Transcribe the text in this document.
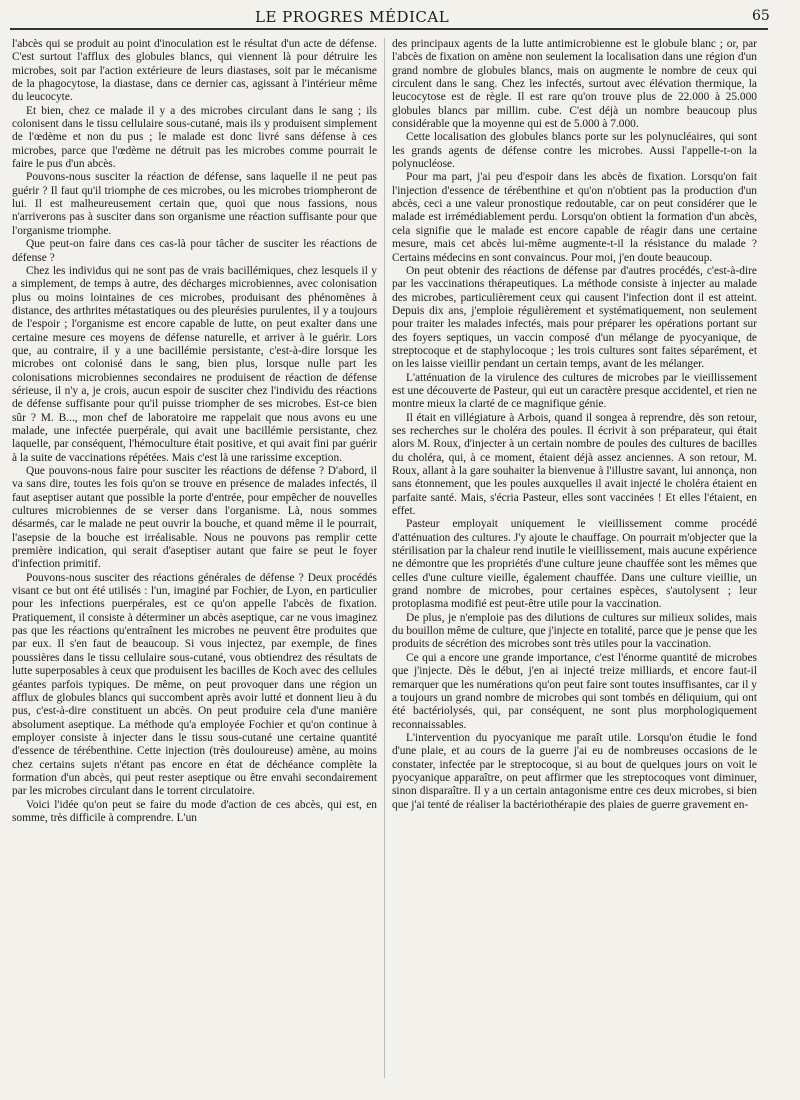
LE PROGRES MÉDICAL	65

l'abcès qui se produit au point d'inoculation est le résultat d'un acte de défense. C'est surtout l'afflux des globules blancs, qui viennent là pour détruire les microbes, soit par l'action extérieure de leurs diastases, soit par le mécanisme de la phagocytose, la diastase, dans ce dernier cas, agissant à l'intérieur même du leucocyte.

Et bien, chez ce malade il y a des microbes circulant dans le sang ; ils colonisent dans le tissu cellulaire sous-cutané, mais ils y produisent simplement de l'œdème et non du pus ; le malade est donc livré sans défense à ces microbes, parce que l'œdème ne détruit pas les microbes comme pourrait le faire le pus d'un abcès.

Pouvons-nous susciter la réaction de défense, sans laquelle il ne peut pas guérir ? Il faut qu'il triomphe de ces microbes, ou les microbes triompheront de lui. Il est malheureusement certain que, quoi que nous fassions, nous n'arriverons pas à susciter dans son organisme une réaction suffisante pour que l'organisme triomphe.

Que peut-on faire dans ces cas-là pour tâcher de susciter les réactions de défense ?

Chez les individus qui ne sont pas de vrais bacillémiques, chez lesquels il y a simplement, de temps à autre, des décharges microbiennes, avec colonisation plus ou moins lointaines de ces microbes, produisant des phénomènes à distance, des arthrites métastatiques ou des pleurésies purulentes, il y a toujours de l'espoir ; l'organisme est encore capable de lutte, on peut exalter dans une certaine mesure ces moyens de défense naturelle, et arriver à le guérir. Lors que, au contraire, il y a une bacillémie persistante, c'est-à-dire lorsque les microbes ont colonisé dans le sang, bien plus, lorsque nulle part les colonisations microbiennes secondaires ne produisent de réaction de défense sérieuse, il n'y a, je crois, aucun espoir de susciter chez l'individu des réactions de défense suffisante pour qu'il puisse triompher de ses microbes. Est-ce bien sûr ? M. B..., mon chef de laboratoire me rappelait que nous avons eu une malade, une infectée puerpérale, qui avait une bacillémie persistante, chez laquelle, par conséquent, l'hémoculture était positive, et qui avait fini par guérir à la suite de vaccinations répétées. Mais c'est là une rarissime exception.

Que pouvons-nous faire pour susciter les réactions de défense ? D'abord, il va sans dire, toutes les fois qu'on se trouve en présence de malades infectés, il faut aseptiser autant que possible la porte d'entrée, pour empêcher de nouvelles cultures microbiennes de se verser dans l'organisme. Là, nous sommes désarmés, car le malade ne peut ouvrir la bouche, et quand même il le pourrait, l'asepsie de la bouche est irréalisable. Nous ne pouvons pas remplir cette première indication, qui serait d'aseptiser autant que faire se peut le foyer d'infection primitif.

Pouvons-nous susciter des réactions générales de défense ? Deux procédés visant ce but ont été utilisés : l'un, imaginé par Fochier, de Lyon, en particulier pour les infections puerpérales, est ce qu'on appelle l'abcès de fixation. Pratiquement, il consiste à déterminer un abcès aseptique, car ne vous imaginez pas que les réactions qu'entraînent les microbes ne peuvent être produites que par eux. Il s'en faut de beaucoup. Si vous injectez, par exemple, de fines poussières dans le tissu cellulaire sous-cutané, vous obtiendrez des résultats de lutte superposables à ceux que produisent les bacilles de Koch avec des cellules géantes parfois typiques. De même, on peut provoquer dans une région un afflux de globules blancs qui succombent après avoir lutté et donnent lieu à du pus, c'est-à-dire constituent un abcès. On peut produire cela d'une manière absolument aseptique. La méthode qu'a employée Fochier et qu'on continue à employer consiste à injecter dans le tissu sous-cutané une certaine quantité d'essence de térébenthine. Cette injection (très douloureuse) amène, au moins chez certains sujets n'étant pas encore en état de déchéance complète la formation d'un abcès, qui peut rester aseptique ou être envahi secondairement par les microbes circulant dans le torrent circulatoire.

Voici l'idée qu'on peut se faire du mode d'action de ces abcès, qui est, en somme, très difficile à comprendre. L'un

des principaux agents de la lutte antimicrobienne est le globule blanc ; or, par l'abcès de fixation on amène non seulement la localisation dans une région d'un grand nombre de globules blancs, mais on augmente le nombre de ceux qui circulent dans le sang. Chez les infectés, surtout avec élévation thermique, la leucocytose est de règle. Il est rare qu'on trouve plus de 22.000 à 25.000 globules blancs par millim. cube. C'est déjà un nombre beaucoup plus considérable que la moyenne qui est de 5.000 à 7.000.

Cette localisation des globules blancs porte sur les polynucléaires, qui sont les grands agents de défense contre les microbes. Aussi l'appelle-t-on la polynucléose.

Pour ma part, j'ai peu d'espoir dans les abcès de fixation. Lorsqu'on fait l'injection d'essence de térébenthine et qu'on n'obtient pas la production d'un abcès, ceci a une valeur pronostique redoutable, car on peut considérer que le malade est irrémédiablement perdu. Lorsqu'on obtient la formation d'un abcès, cela signifie que le malade est encore capable de réagir dans une certaine mesure, mais cet abcès lui-même augmente-t-il la résistance du malade ? Certains médecins en sont convaincus. Pour moi, j'en doute beaucoup.

On peut obtenir des réactions de défense par d'autres procédés, c'est-à-dire par les vaccinations thérapeutiques. La méthode consiste à injecter au malade des microbes, particulièrement ceux qui causent l'infection dont il est atteint. Depuis dix ans, j'emploie régulièrement et systématiquement, non seulement pour traiter les malades infectés, mais pour préparer les opérations portant sur des foyers septiques, un vaccin composé d'un mélange de pyocyanique, de streptocoque et de staphylocoque ; les trois cultures sont faites séparément, et on les laisse vieillir pendant un certain temps, avant de les mélanger.

L'atténuation de la virulence des cultures de microbes par le vieillissement est une découverte de Pasteur, qui eut un caractère presque accidentel, et rien ne montre mieux la clarté de ce magnifique génie.

Il était en villégiature à Arbois, quand il songea à reprendre, dès son retour, ses recherches sur le choléra des poules. Il écrivit à son préparateur, qui était alors M. Roux, d'injecter à un certain nombre de poules des cultures de bacilles du choléra, qui, à ce moment, étaient déjà assez anciennes. A son retour, M. Roux, allant à la gare souhaiter la bienvenue à l'illustre savant, lui annonça, non sans étonnement, que les poules auxquelles il avait injecté le choléra étaient en parfaite santé. Mais, s'écria Pasteur, elles sont vaccinées ! Et elles l'étaient, en effet.

Pasteur employait uniquement le vieillissement comme procédé d'atténuation des cultures. J'y ajoute le chauffage. On pourrait m'objecter que la stérilisation par la chaleur rend inutile le vieillissement, mais aucune expérience ne démontre que les propriétés d'une culture jeune chauffée sont les mêmes que celles d'une culture vieille, également chauffée. Dans une culture vieillie, un grand nombre de microbes, pour certaines espèces, s'autolysent ; leur protoplasma modifié est peut-être utile pour la vaccination.

De plus, je n'emploie pas des dilutions de cultures sur milieux solides, mais du bouillon même de culture, que j'injecte en totalité, parce que je pense que les produits de sécrétion des microbes sont très utiles pour la vaccination.

Ce qui a encore une grande importance, c'est l'énorme quantité de microbes que j'injecte. Dès le début, j'en ai injecté treize milliards, et encore faut-il remarquer que les numérations qu'on peut faire sont toutes insuffisantes, car il y a toujours un grand nombre de microbes qui sont tombés en déliquium, qui ont été bactériolysés, qui, par conséquent, ne sont plus morphologiquement reconnaissables.

L'intervention du pyocyanique me paraît utile. Lorsqu'on étudie le fond d'une plaie, et au cours de la guerre j'ai eu de nombreuses occasions de le constater, infectée par le streptocoque, si au bout de quelques jours on voit le pyocyanique apparaître, on peut affirmer que les streptocoques vont diminuer, sinon disparaître. Il y a un certain antagonisme entre ces deux microbes, si bien que j'ai tenté de réaliser la bactériothérapie des plaies de guerre gravement en-
